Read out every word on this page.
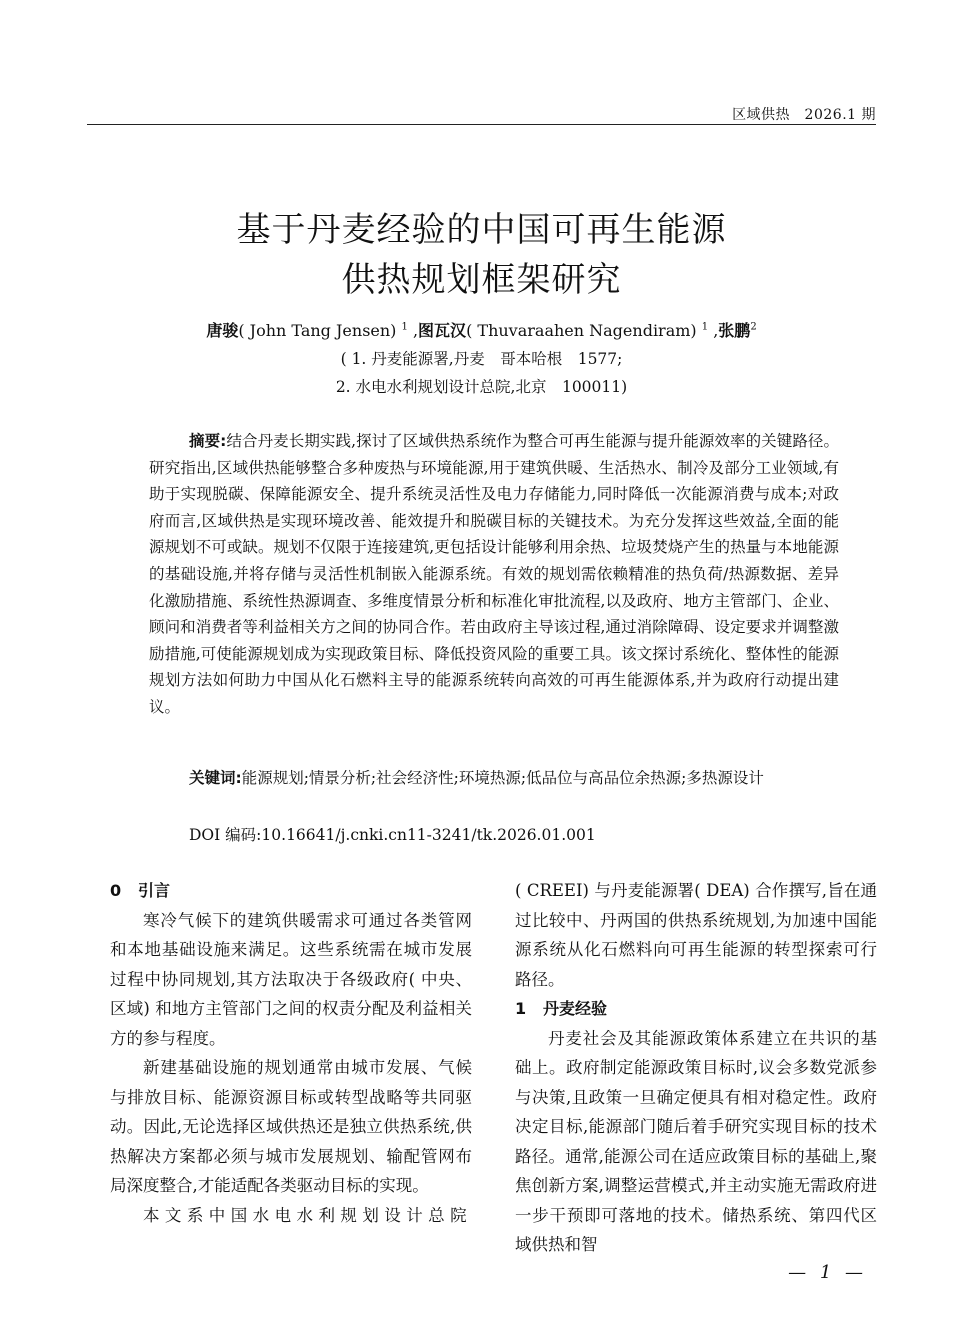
区域供热　2026.1 期
基于丹麦经验的中国可再生能源
供热规划框架研究
唐骏( John Tang Jensen) $^1$ ,图瓦汉( Thuvaraahen Nagendiram) $^1$ ,张鹏$^2$
( 1. 丹麦能源署,丹麦　哥本哈根　1577;
2. 水电水利规划设计总院,北京　100011)
摘要:结合丹麦长期实践,探讨了区域供热系统作为整合可再生能源与提升能源效率的关键路径。研究指出,区域供热能够整合多种废热与环境能源,用于建筑供暖、生活热水、制冷及部分工业领域,有助于实现脱碳、保障能源安全、提升系统灵活性及电力存储能力,同时降低一次能源消费与成本;对政府而言,区域供热是实现环境改善、能效提升和脱碳目标的关键技术。为充分发挥这些效益,全面的能源规划不可或缺。规划不仅限于连接建筑,更包括设计能够利用余热、垃圾焚烧产生的热量与本地能源的基础设施,并将存储与灵活性机制嵌入能源系统。有效的规划需依赖精准的热负荷/热源数据、差异化激励措施、系统性热源调查、多维度情景分析和标准化审批流程,以及政府、地方主管部门、企业、顾问和消费者等利益相关方之间的协同合作。若由政府主导该过程,通过消除障碍、设定要求并调整激励措施,可使能源规划成为实现政策目标、降低投资风险的重要工具。该文探讨系统化、整体性的能源规划方法如何助力中国从化石燃料主导的能源系统转向高效的可再生能源体系,并为政府行动提出建议。
关键词:能源规划;情景分析;社会经济性;环境热源;低品位与高品位余热源;多热源设计
DOI 编码:10.16641/j.cnki.cn11-3241/tk.2026.01.001
0 引言

寒冷气候下的建筑供暖需求可通过各类管网和本地基础设施来满足。这些系统需在城市发展过程中协同规划,其方法取决于各级政府( 中央、区域) 和地方主管部门之间的权责分配及利益相关方的参与程度。

新建基础设施的规划通常由城市发展、气候与排放目标、能源资源目标或转型战略等共同驱动。因此,无论选择区域供热还是独立供热系统,供热解决方案都必须与城市发展规划、输配管网布局深度整合,才能适配各类驱动目标的实现。

本文系中国水电水利规划设计总院

( CREEI) 与丹麦能源署( DEA) 合作撰写,旨在通过比较中、丹两国的供热系统规划,为加速中国能源系统从化石燃料向可再生能源的转型探索可行路径。

1 丹麦经验

丹麦社会及其能源政策体系建立在共识的基础上。政府制定能源政策目标时,议会多数党派参与决策,且政策一旦确定便具有相对稳定性。政府决定目标,能源部门随后着手研究实现目标的技术路径。通常,能源公司在适应政策目标的基础上,聚焦创新方案,调整运营模式,并主动实施无需政府进一步干预即可落地的技术。储热系统、第四代区域供热和智

— 1 —
